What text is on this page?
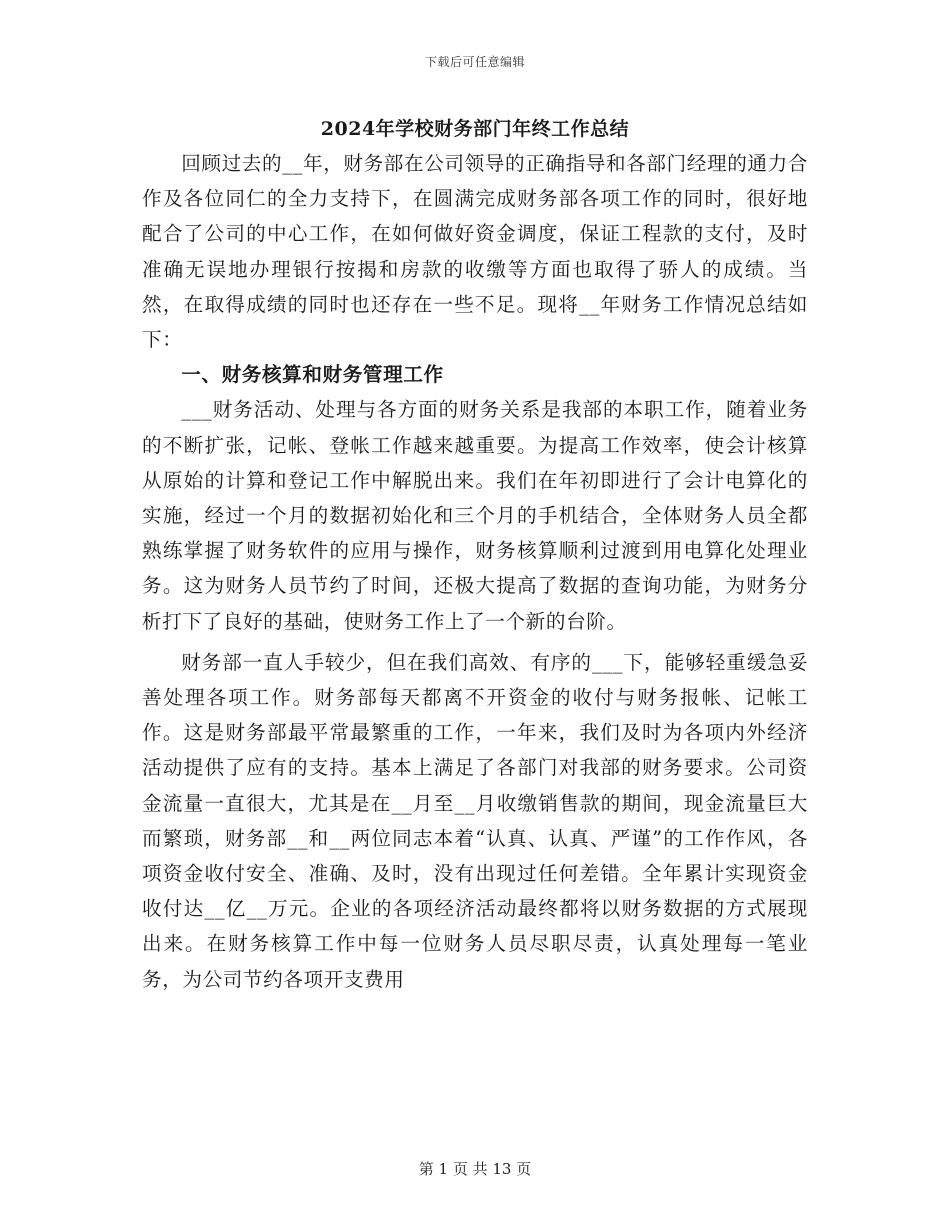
下载后可任意编辑
2024年学校财务部门年终工作总结

回顾过去的__年，财务部在公司领导的正确指导和各部门经理的通力合作及各位同仁的全力支持下，在圆满完成财务部各项工作的同时，很好地配合了公司的中心工作，在如何做好资金调度，保证工程款的支付，及时准确无误地办理银行按揭和房款的收缴等方面也取得了骄人的成绩。当然，在取得成绩的同时也还存在一些不足。现将__年财务工作情况总结如下：

一、财务核算和财务管理工作

___财务活动、处理与各方面的财务关系是我部的本职工作，随着业务的不断扩张，记帐、登帐工作越来越重要。为提高工作效率，使会计核算从原始的计算和登记工作中解脱出来。我们在年初即进行了会计电算化的实施，经过一个月的数据初始化和三个月的手机结合，全体财务人员全都熟练掌握了财务软件的应用与操作，财务核算顺利过渡到用电算化处理业务。这为财务人员节约了时间，还极大提高了数据的查询功能，为财务分析打下了良好的基础，使财务工作上了一个新的台阶。

财务部一直人手较少，但在我们高效、有序的___下，能够轻重缓急妥善处理各项工作。财务部每天都离不开资金的收付与财务报帐、记帐工作。这是财务部最平常最繁重的工作，一年来，我们及时为各项内外经济活动提供了应有的支持。基本上满足了各部门对我部的财务要求。公司资金流量一直很大，尤其是在__月至__月收缴销售款的期间，现金流量巨大而繁琐，财务部__和__两位同志本着“认真、认真、严谨”的工作作风，各项资金收付安全、准确、及时，没有出现过任何差错。全年累计实现资金收付达__亿__万元。企业的各项经济活动最终都将以财务数据的方式展现出来。在财务核算工作中每一位财务人员尽职尽责，认真处理每一笔业务，为公司节约各项开支费用

第 1 页 共 13 页
